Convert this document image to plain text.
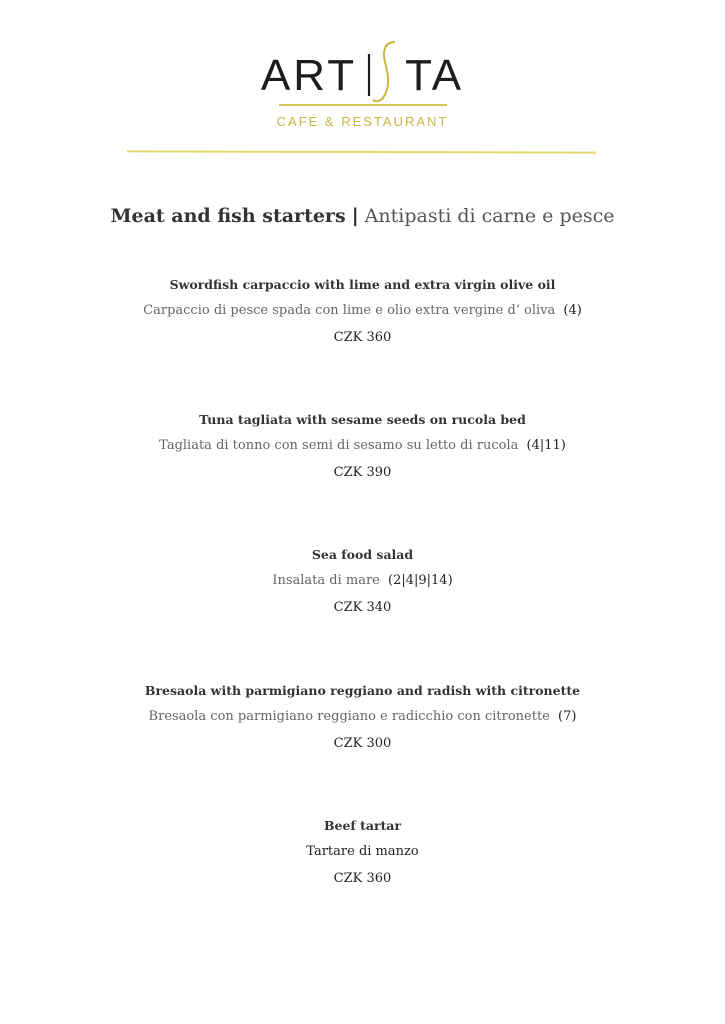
ART TA
CAFÉ & RESTAURANT
Meat and fish starters | Antipasti di carne e pesce
Swordfish carpaccio with lime and extra virgin olive oil
Carpaccio di pesce spada con lime e olio extra vergine d‘ oliva (4)
CZK 360
Tuna tagliata with sesame seeds on rucola bed
Tagliata di tonno con semi di sesamo su letto di rucola (4|11)
CZK 390
Sea food salad
Insalata di mare (2|4|9|14)
CZK 340
Bresaola with parmigiano reggiano and radish with citronette
Bresaola con parmigiano reggiano e radicchio con citronette (7)
CZK 300
Beef tartar
Tartare di manzo
CZK 360
